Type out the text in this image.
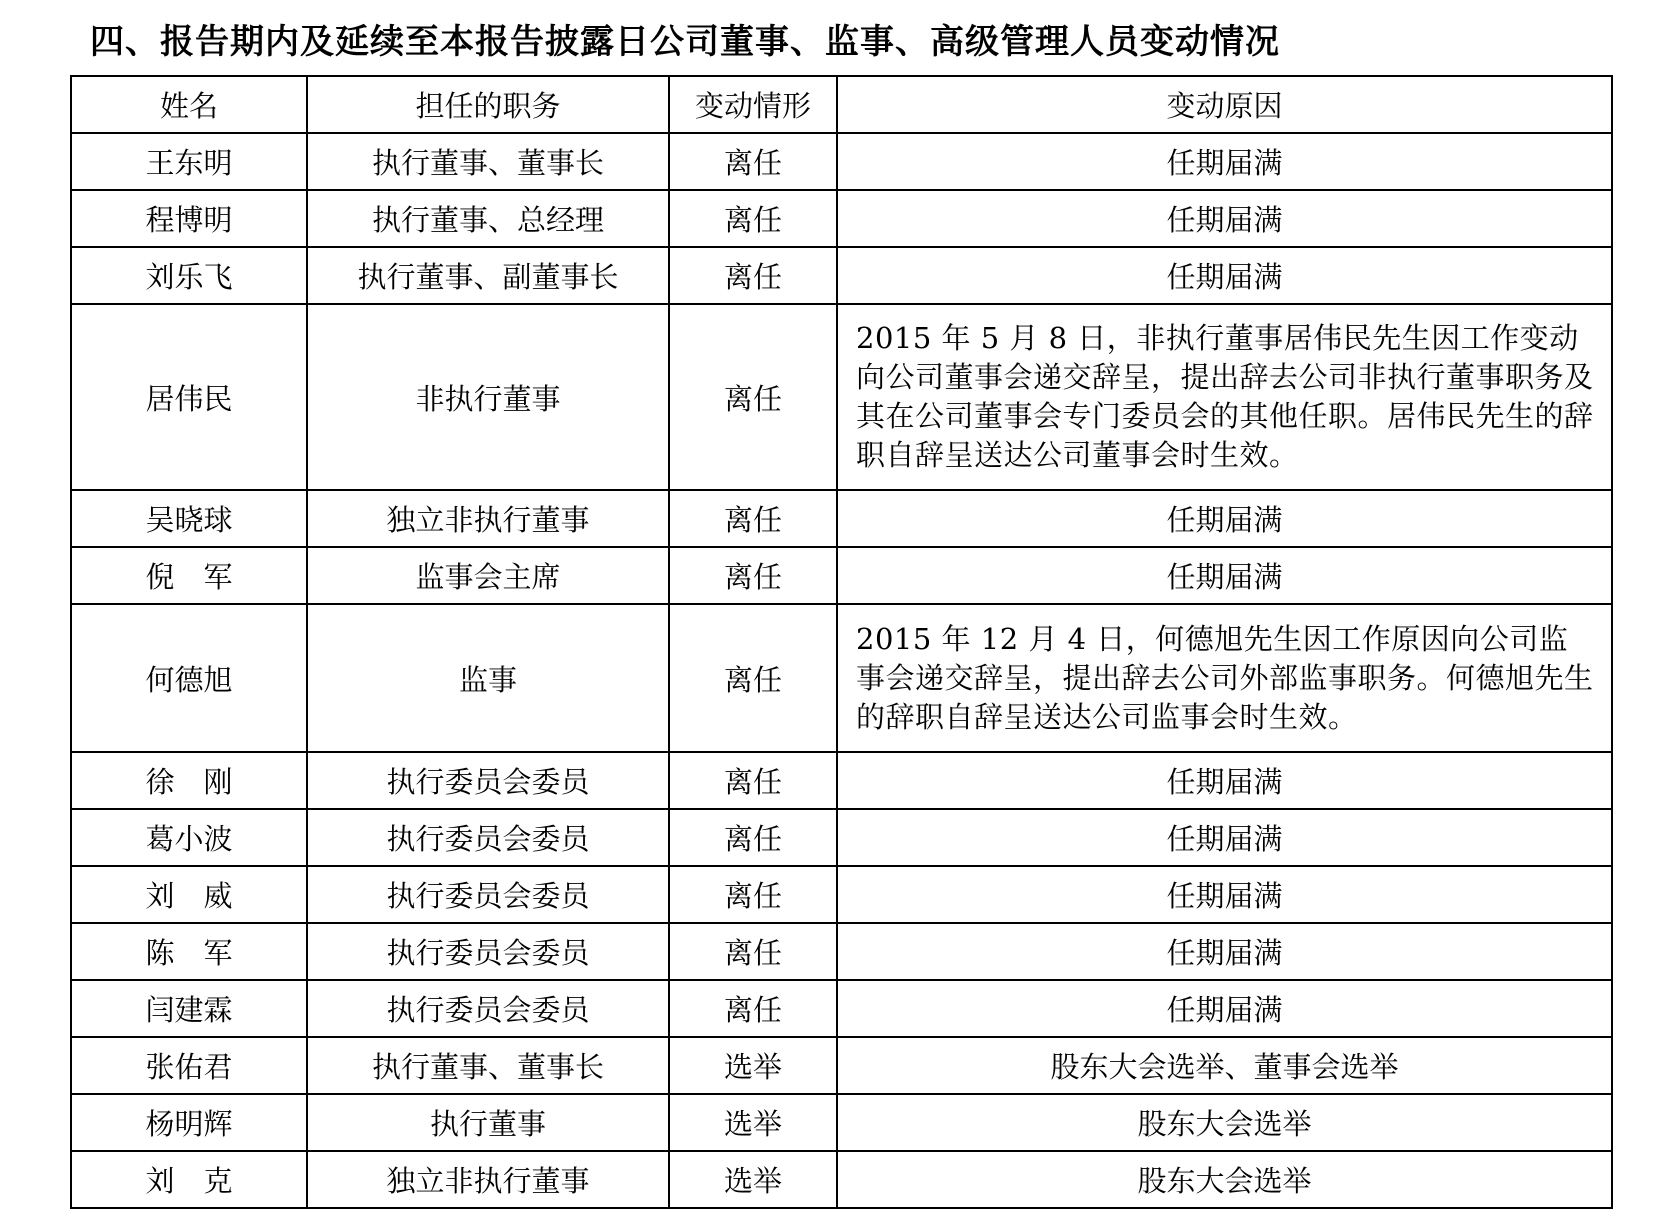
四、报告期内及延续至本报告披露日公司董事、监事、高级管理人员变动情况
姓名	担任的职务	变动情形	变动原因
王东明	执行董事、董事长	离任	任期届满
程博明	执行董事、总经理	离任	任期届满
刘乐飞	执行董事、副董事长	离任	任期届满
居伟民	非执行董事	离任	2015 年 5 月 8 日，非执行董事居伟民先生因工作变动向公司董事会递交辞呈，提出辞去公司非执行董事职务及其在公司董事会专门委员会的其他任职。居伟民先生的辞职自辞呈送达公司董事会时生效。
吴晓球	独立非执行董事	离任	任期届满
倪　军	监事会主席	离任	任期届满
何德旭	监事	离任	2015 年 12 月 4 日，何德旭先生因工作原因向公司监事会递交辞呈，提出辞去公司外部监事职务。何德旭先生的辞职自辞呈送达公司监事会时生效。
徐　刚	执行委员会委员	离任	任期届满
葛小波	执行委员会委员	离任	任期届满
刘　威	执行委员会委员	离任	任期届满
陈　军	执行委员会委员	离任	任期届满
闫建霖	执行委员会委员	离任	任期届满
张佑君	执行董事、董事长	选举	股东大会选举、董事会选举
杨明辉	执行董事	选举	股东大会选举
刘　克	独立非执行董事	选举	股东大会选举
